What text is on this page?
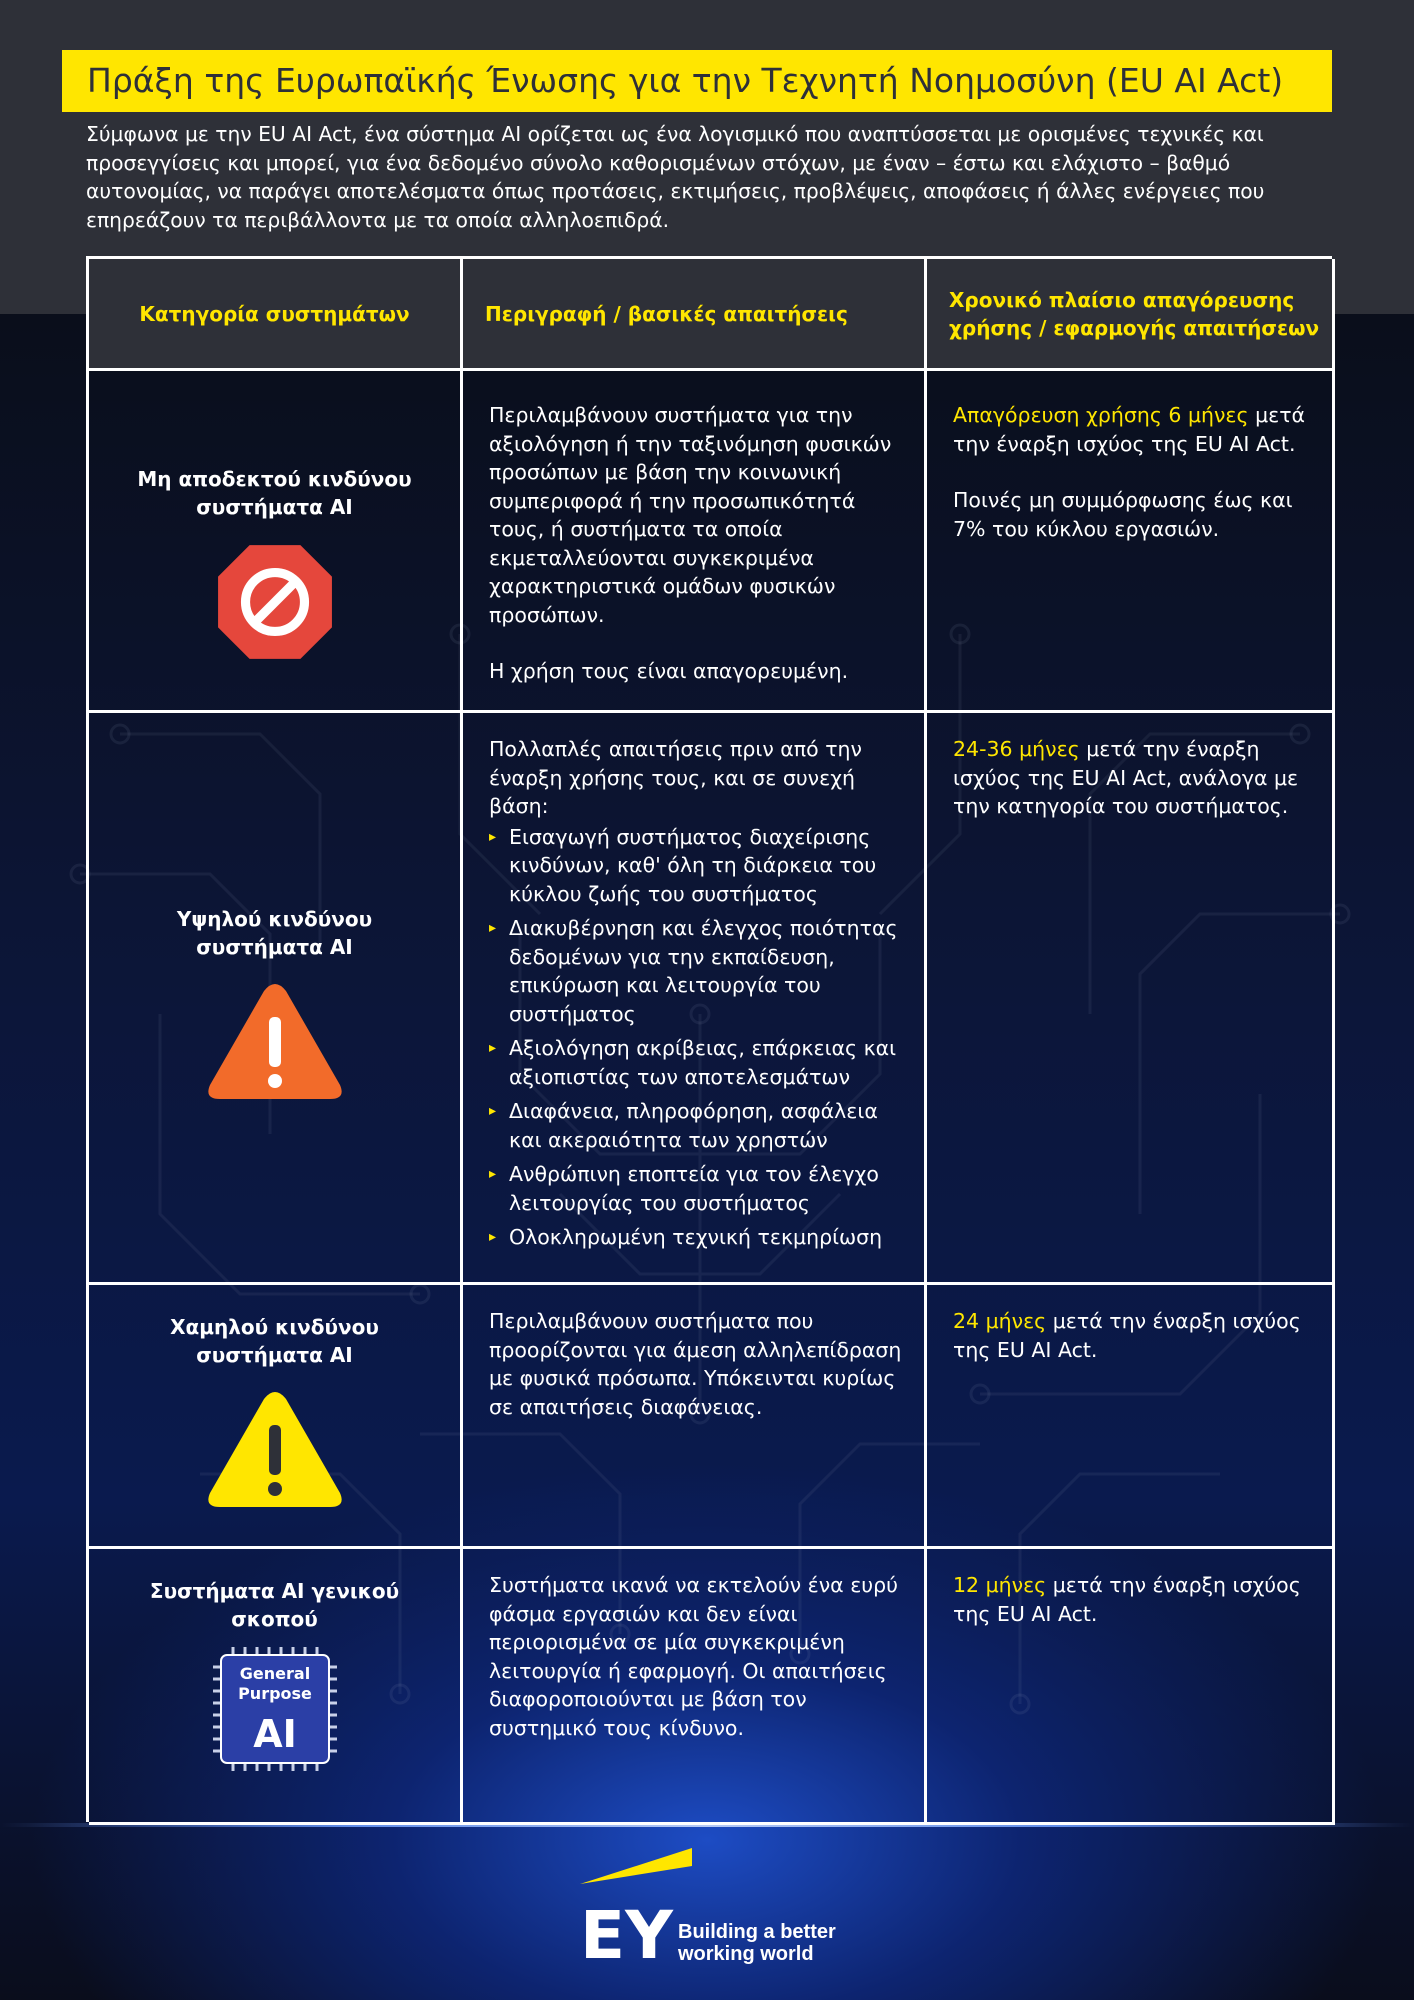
Πράξη της Ευρωπαϊκής Ένωσης για την Τεχνητή Νοημοσύνη (EU AI Act)

Σύμφωνα με την EU AI Act, ένα σύστημα AI ορίζεται ως ένα λογισμικό που αναπτύσσεται με ορισμένες τεχνικές και προσεγγίσεις και μπορεί, για ένα δεδομένο σύνολο καθορισμένων στόχων, με έναν – έστω και ελάχιστο – βαθμό αυτονομίας, να παράγει αποτελέσματα όπως προτάσεις, εκτιμήσεις, προβλέψεις, αποφάσεις ή άλλες ενέργειες που επηρεάζουν τα περιβάλλοντα με τα οποία αλληλοεπιδρά.

Κατηγορία συστημάτων	Περιγραφή / βασικές απαιτήσεις
Χρονικό πλαίσιο απαγόρευσης χρήσης / εφαρμογής απαιτήσεων
Μη αποδεκτού κινδύνου συστήματα AI

Περιλαμβάνουν συστήματα για την αξιολόγηση ή την ταξινόμηση φυσικών προσώπων με βάση την κοινωνική συμπεριφορά ή την προσωπικότητά τους, ή συστήματα τα οποία εκμεταλλεύονται συγκεκριμένα χαρακτηριστικά ομάδων φυσικών προσώπων.

Η χρήση τους είναι απαγορευμένη.

Απαγόρευση χρήσης 6 μήνες μετά την έναρξη ισχύος της EU AI Act.

Ποινές μη συμμόρφωσης έως και 7% του κύκλου εργασιών.

Υψηλού κινδύνου συστήματα AI

Πολλαπλές απαιτήσεις πριν από την έναρξη χρήσης τους, και σε συνεχή βάση:

▸ Εισαγωγή συστήματος διαχείρισης κινδύνων, καθ' όλη τη διάρκεια του κύκλου ζωής του συστήματος
▸ Διακυβέρνηση και έλεγχος ποιότητας δεδομένων για την εκπαίδευση, επικύρωση και λειτουργία του συστήματος
▸ Αξιολόγηση ακρίβειας, επάρκειας και αξιοπιστίας των αποτελεσμάτων
▸ Διαφάνεια, πληροφόρηση, ασφάλεια και ακεραιότητα των χρηστών
▸ Ανθρώπινη εποπτεία για τον έλεγχο λειτουργίας του συστήματος
▸ Ολοκληρωμένη τεχνική τεκμηρίωση

24-36 μήνες μετά την έναρξη ισχύος της EU AI Act, ανάλογα με την κατηγορία του συστήματος.

Χαμηλού κινδύνου συστήματα AI

Περιλαμβάνουν συστήματα που προορίζονται για άμεση αλληλεπίδραση με φυσικά πρόσωπα. Υπόκεινται κυρίως σε απαιτήσεις διαφάνειας.

24 μήνες μετά την έναρξη ισχύος της EU AI Act.

Συστήματα AI γενικού σκοπού
General
Purpose
AI

Συστήματα ικανά να εκτελούν ένα ευρύ φάσμα εργασιών και δεν είναι περιορισμένα σε μία συγκεκριμένη λειτουργία ή εφαρμογή. Οι απαιτήσεις διαφοροποιούνται με βάση τον συστημικό τους κίνδυνο.

12 μήνες μετά την έναρξη ισχύος της EU AI Act.

EY Building a better
working world
